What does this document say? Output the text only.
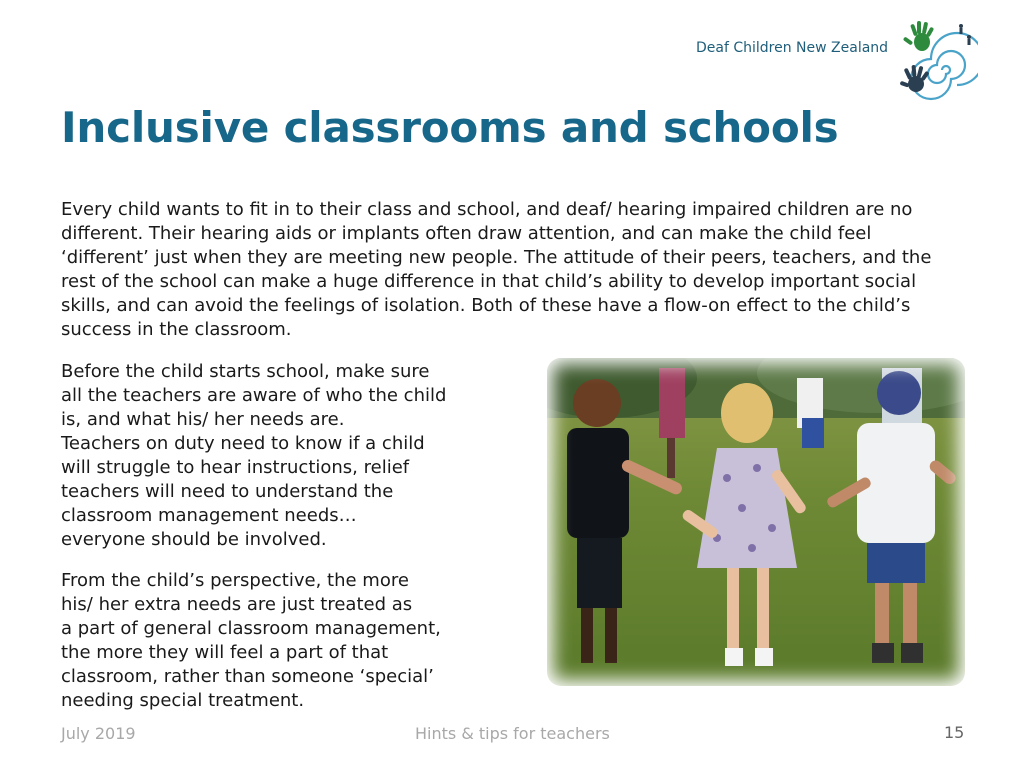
Deaf Children New Zealand
Inclusive classrooms and schools

Every child wants to fit in to their class and school, and deaf/ hearing impaired children are no different. Their hearing aids or implants often draw attention, and can make the child feel ‘different’ just when they are meeting new people. The attitude of their peers, teachers, and the rest of the school can make a huge difference in that child’s ability to develop important social skills, and can avoid the feelings of isolation. Both of these have a flow-on effect to the child’s success in the classroom.

Before the child starts school, make sure
all the teachers are aware of who the child
is, and what his/ her needs are.
Teachers on duty need to know if a child
will struggle to hear instructions, relief
teachers will need to understand the
classroom management needs…
everyone should be involved.
From the child’s perspective, the more
his/ her extra needs are just treated as
a part of general classroom management,
the more they will feel a part of that
classroom, rather than someone ‘special’
needing special treatment.
July 2019	Hints & tips for teachers	15
